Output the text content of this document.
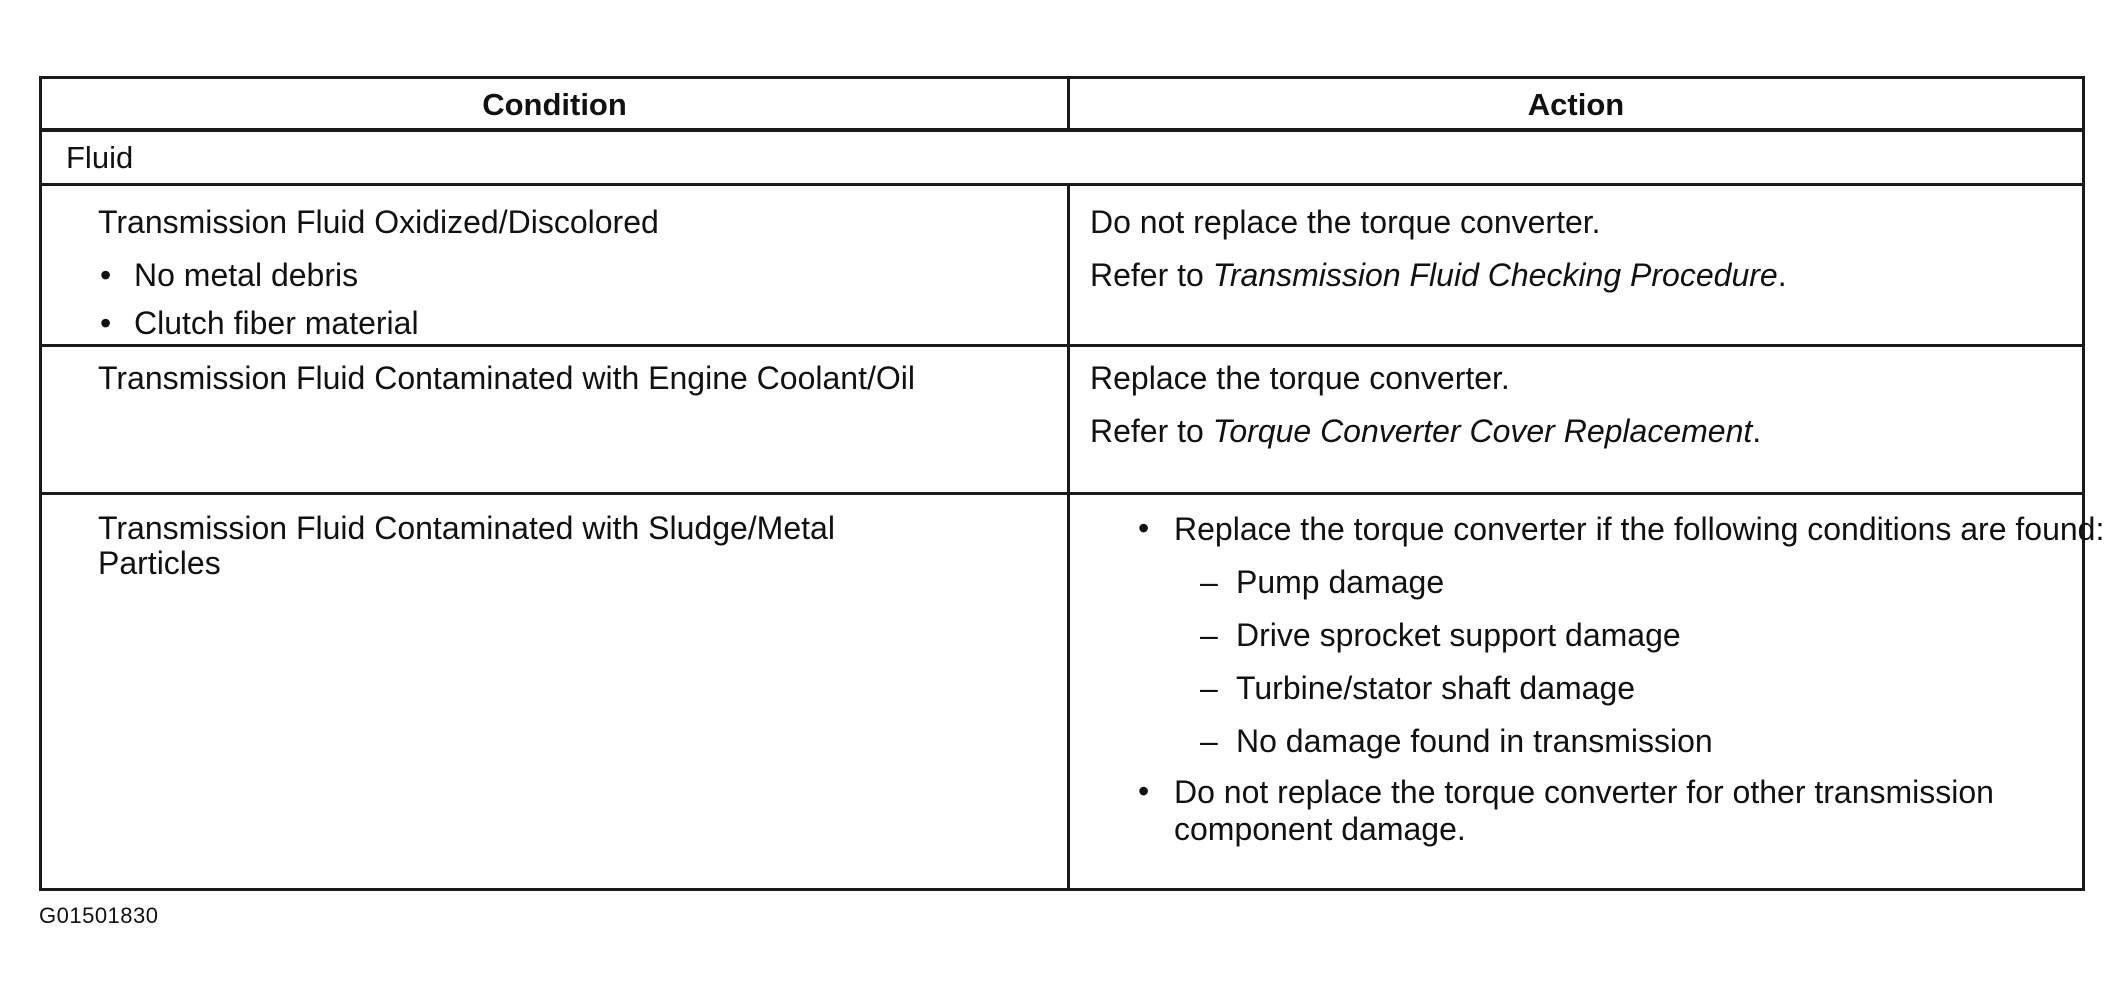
Condition	Action
Fluid
Transmission Fluid Oxidized/Discolored
• No metal debris
• Clutch fiber material
Do not replace the torque converter.
Refer to Transmission Fluid Checking Procedure.
Transmission Fluid Contaminated with Engine Coolant/Oil	Replace the torque converter.
Refer to Torque Converter Cover Replacement.
Transmission Fluid Contaminated with Sludge/Metal
Particles
• Replace the torque converter if the following conditions are found:
– Pump damage
– Drive sprocket support damage
– Turbine/stator shaft damage
– No damage found in transmission
• Do not replace the torque converter for other transmission component damage.
G01501830
